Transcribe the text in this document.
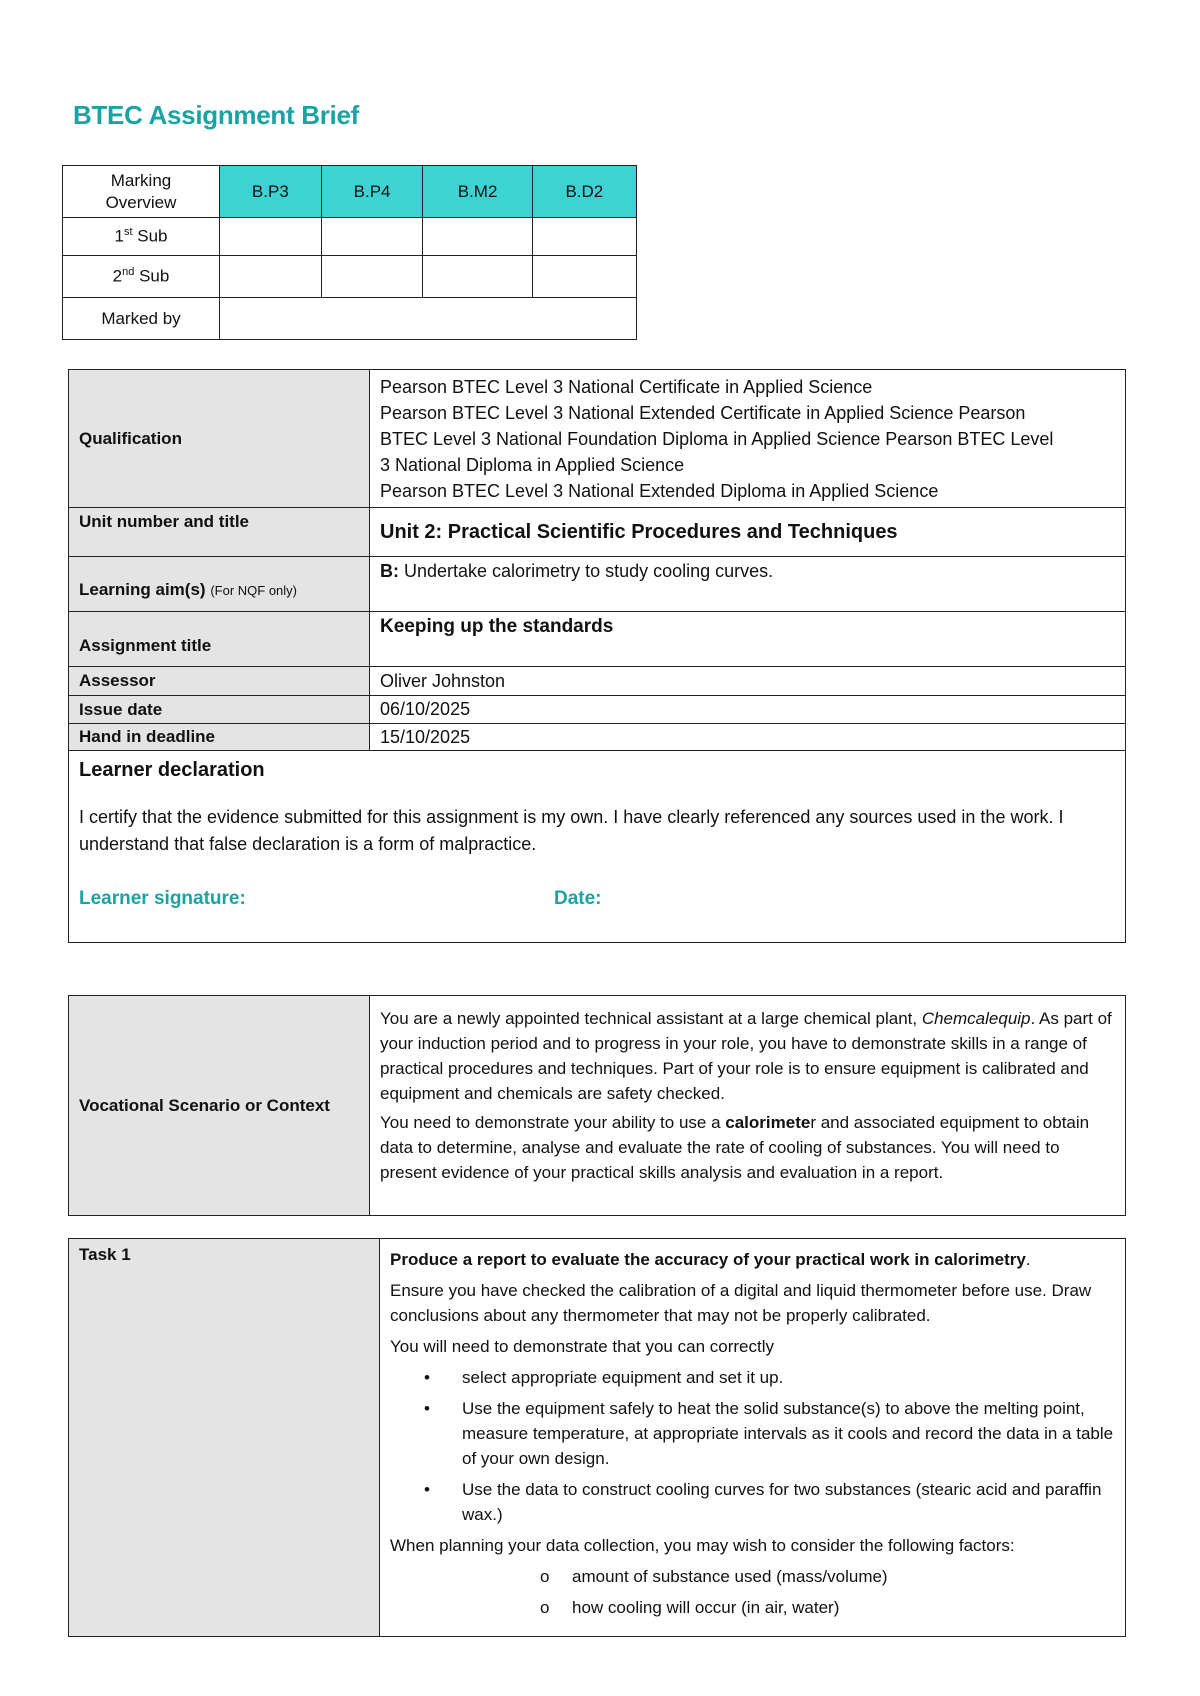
BTEC Assignment Brief
Marking Overview	B.P3	B.P4	B.M2	B.D2
1st Sub				
2nd Sub				
Marked by				
Qualification	Pearson BTEC Level 3 National Certificate in Applied Science
Pearson BTEC Level 3 National Extended Certificate in Applied Science Pearson
BTEC Level 3 National Foundation Diploma in Applied Science Pearson BTEC Level
3 National Diploma in Applied Science
Pearson BTEC Level 3 National Extended Diploma in Applied Science

Unit number and title	Unit 2: Practical Scientific Procedures and Techniques
Learning aim(s) (For NQF only)	B: Undertake calorimetry to study cooling curves.
Assignment title	Keeping up the standards
Assessor	Oliver Johnston
Issue date	06/10/2025
Hand in deadline	15/10/2025

Learner declaration
I certify that the evidence submitted for this assignment is my own. I have clearly referenced any sources used in the work. I understand that false declaration is a form of malpractice.
Learner signature: Date:	
Vocational Scenario or Context	

You are a newly appointed technical assistant at a large chemical plant, Chemcalequip. As part of your induction period and to progress in your role, you have to demonstrate skills in a range of practical procedures and techniques. Part of your role is to ensure equipment is calibrated and equipment and chemicals are safety checked.

You need to demonstrate your ability to use a calorimeter and associated equipment to obtain data to determine, analyse and evaluate the rate of cooling of substances. You will need to present evidence of your practical skills analysis and evaluation in a report.

Task 1	Produce a report to evaluate the accuracy of your practical work in calorimetry.

Ensure you have checked the calibration of a digital and liquid thermometer before use. Draw conclusions about any thermometer that may not be properly calibrated.

You will need to demonstrate that you can correctly

•	select appropriate equipment and set it up.
•	Use the equipment safely to heat the solid substance(s) to above the melting point, measure temperature, at appropriate intervals as it cools and record the data in a table of your own design.
•	Use the data to construct cooling curves for two substances (stearic acid and paraffin wax.)

When planning your data collection, you may wish to consider the following factors:

o	amount of substance used (mass/volume)
o	how cooling will occur (in air, water)
